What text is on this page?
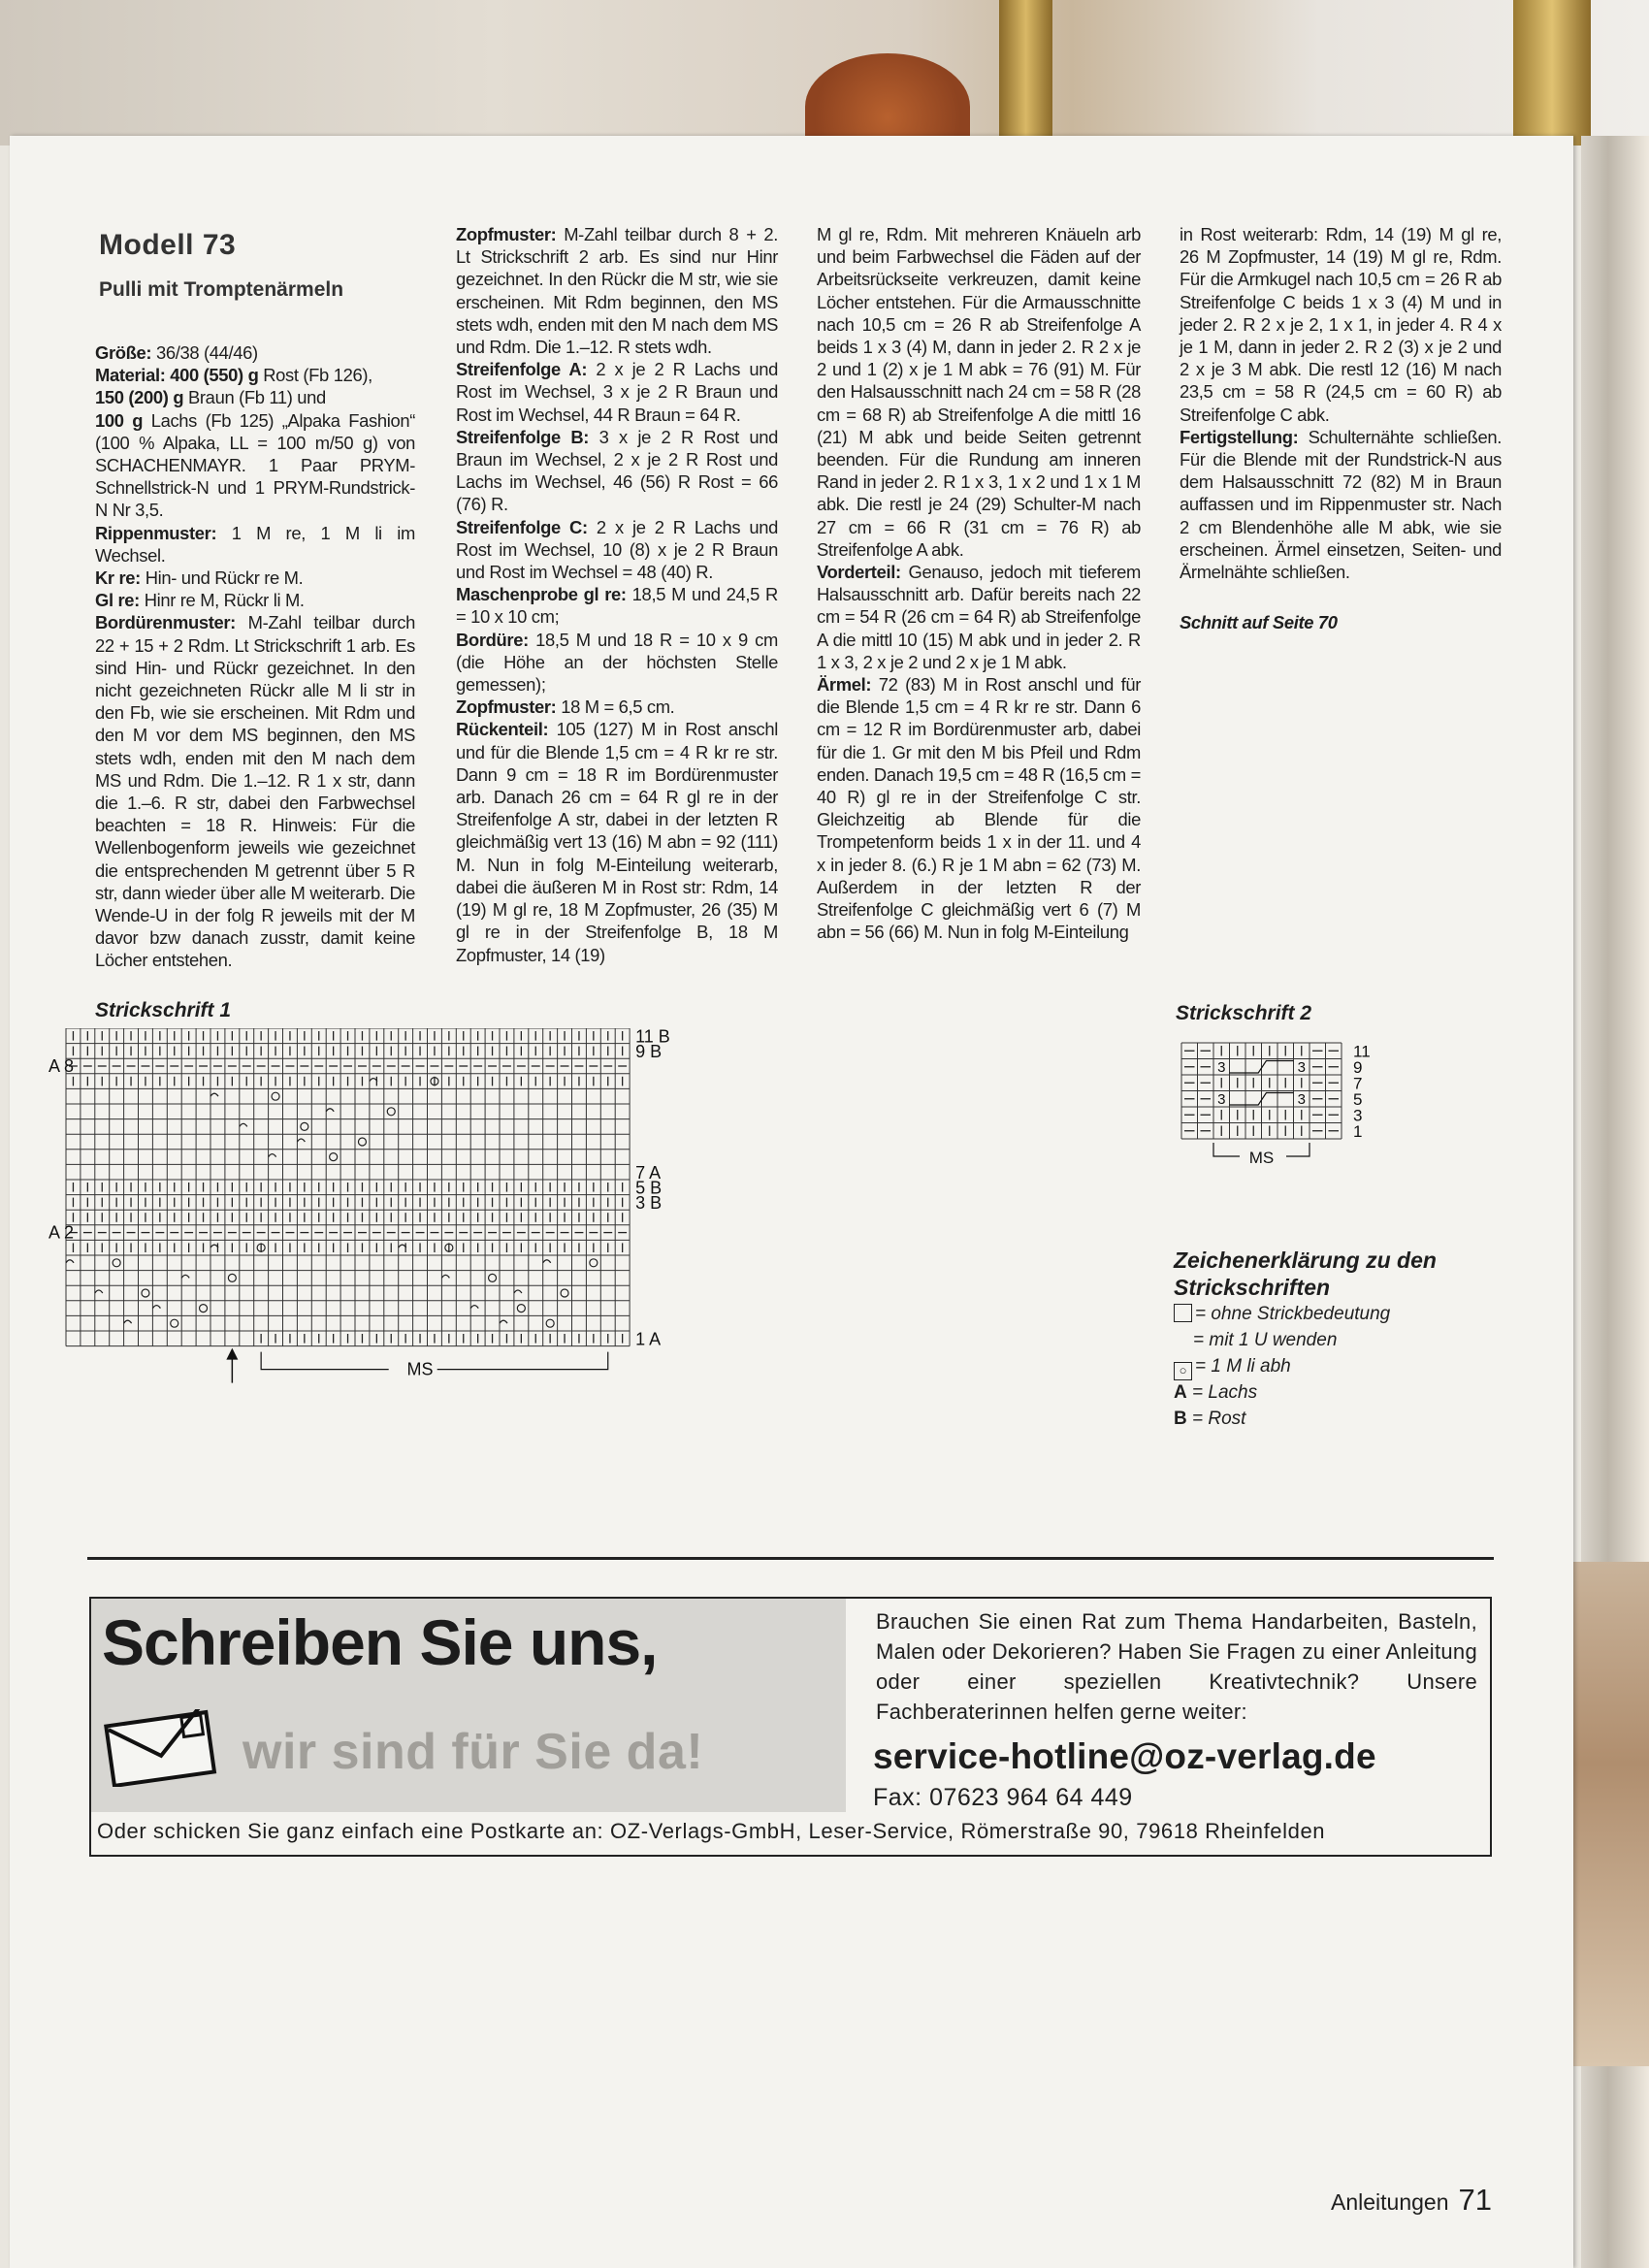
Modell 73
Pulli mit Tromptenärmeln

Größe: 36/38 (44/46)

Material: 400 (550) g Rost (Fb 126),

150 (200) g Braun (Fb 11) und

100 g Lachs (Fb 125) „Alpaka Fashion“ (100 % Alpaka, LL = 100 m/50 g) von SCHACHENMAYR. 1 Paar PRYM-Schnellstrick-N und 1 PRYM-Rundstrick-N Nr 3,5.

Rippenmuster: 1 M re, 1 M li im Wechsel.

Kr re: Hin- und Rückr re M.

Gl re: Hinr re M, Rückr li M.

Bordürenmuster: M-Zahl teilbar durch 22 + 15 + 2 Rdm. Lt Strickschrift 1 arb. Es sind Hin- und Rückr gezeichnet. In den nicht gezeichneten Rückr alle M li str in den Fb, wie sie erscheinen. Mit Rdm und den M vor dem MS beginnen, den MS stets wdh, enden mit den M nach dem MS und Rdm. Die 1.–12. R 1 x str, dann die 1.–6. R str, dabei den Farbwechsel beachten = 18 R. Hinweis: Für die Wellenbogenform jeweils wie gezeichnet die entsprechenden M getrennt über 5 R str, dann wieder über alle M weiterarb. Die Wende-U in der folg R jeweils mit der M davor bzw danach zusstr, damit keine Löcher entstehen.

Zopfmuster: M-Zahl teilbar durch 8 + 2. Lt Strickschrift 2 arb. Es sind nur Hinr gezeichnet. In den Rückr die M str, wie sie erscheinen. Mit Rdm beginnen, den MS stets wdh, enden mit den M nach dem MS und Rdm. Die 1.–12. R stets wdh.

Streifenfolge A: 2 x je 2 R Lachs und Rost im Wechsel, 3 x je 2 R Braun und Rost im Wechsel, 44 R Braun = 64 R.

Streifenfolge B: 3 x je 2 R Rost und Braun im Wechsel, 2 x je 2 R Rost und Lachs im Wechsel, 46 (56) R Rost = 66 (76) R.

Streifenfolge C: 2 x je 2 R Lachs und Rost im Wechsel, 10 (8) x je 2 R Braun und Rost im Wechsel = 48 (40) R.

Maschenprobe gl re: 18,5 M und 24,5 R = 10 x 10 cm;

Bordüre: 18,5 M und 18 R = 10 x 9 cm (die Höhe an der höchsten Stelle gemessen);

Zopfmuster: 18 M = 6,5 cm.

Rückenteil: 105 (127) M in Rost anschl und für die Blende 1,5 cm = 4 R kr re str. Dann 9 cm = 18 R im Bordürenmuster arb. Danach 26 cm = 64 R gl re in der Streifenfolge A str, dabei in der letzten R gleichmäßig vert 13 (16) M abn = 92 (111) M. Nun in folg M-Einteilung weiterarb, dabei die äußeren M in Rost str: Rdm, 14 (19) M gl re, 18 M Zopfmuster, 26 (35) M gl re in der Streifenfolge B, 18 M Zopfmuster, 14 (19)

M gl re, Rdm. Mit mehreren Knäueln arb und beim Farbwechsel die Fäden auf der Arbeitsrückseite verkreuzen, damit keine Löcher entstehen. Für die Armausschnitte nach 10,5 cm = 26 R ab Streifenfolge A beids 1 x 3 (4) M, dann in jeder 2. R 2 x je 2 und 1 (2) x je 1 M abk = 76 (91) M. Für den Halsausschnitt nach 24 cm = 58 R (28 cm = 68 R) ab Streifenfolge A die mittl 16 (21) M abk und beide Seiten getrennt beenden. Für die Rundung am inneren Rand in jeder 2. R 1 x 3, 1 x 2 und 1 x 1 M abk. Die restl je 24 (29) Schulter-M nach 27 cm = 66 R (31 cm = 76 R) ab Streifenfolge A abk.

Vorderteil: Genauso, jedoch mit tieferem Halsausschnitt arb. Dafür bereits nach 22 cm = 54 R (26 cm = 64 R) ab Streifenfolge A die mittl 10 (15) M abk und in jeder 2. R 1 x 3, 2 x je 2 und 2 x je 1 M abk.

Ärmel: 72 (83) M in Rost anschl und für die Blende 1,5 cm = 4 R kr re str. Dann 6 cm = 12 R im Bordürenmuster arb, dabei für die 1. Gr mit den M bis Pfeil und Rdm enden. Danach 19,5 cm = 48 R (16,5 cm = 40 R) gl re in der Streifenfolge C str. Gleichzeitig ab Blende für die Trompetenform beids 1 x in der 11. und 4 x in jeder 8. (6.) R je 1 M abn = 62 (73) M. Außerdem in der letzten R der Streifenfolge C gleichmäßig vert 6 (7) M abn = 56 (66) M. Nun in folg M-Einteilung

in Rost weiterarb: Rdm, 14 (19) M gl re, 26 M Zopfmuster, 14 (19) M gl re, Rdm. Für die Armkugel nach 10,5 cm = 26 R ab Streifenfolge C beids 1 x 3 (4) M und in jeder 2. R 2 x je 2, 1 x 1, in jeder 4. R 4 x je 1 M, dann in jeder 2. R 2 (3) x je 2 und 2 x je 3 M abk. Die restl 12 (16) M nach 23,5 cm = 58 R (24,5 cm = 60 R) ab Streifenfolge C abk.

Fertigstellung: Schulternähte schließen. Für die Blende mit der Rundstrick-N aus dem Halsausschnitt 72 (82) M in Braun auffassen und im Rippenmuster str. Nach 2 cm Blendenhöhe alle M abk, wie sie erscheinen. Ärmel einsetzen, Seiten- und Ärmelnähte schließen.

Schnitt auf Seite 70
Strickschrift 1
MS
A 8
A 2
11 B
9 B
7 A
5 B
3 B
1 A
Strickschrift 2
3	3
3	3
11
9
7
5
3
1
MS
Zeichenerklärung zu den Strickschriften
= ohne Strickbedeutung
= mit 1 U wenden
○ = 1 M li abh
A = Lachs
B = Rost
Schreiben Sie uns,
wir sind für Sie da!
Brauchen Sie einen Rat zum Thema Handarbeiten, Basteln, Malen oder Dekorieren? Haben Sie Fragen zu einer Anleitung oder einer speziellen Kreativtechnik? Unsere Fachberaterinnen helfen gerne weiter:
service-hotline@oz-verlag.de
Fax: 07623 964 64 449
Oder schicken Sie ganz einfach eine Postkarte an: OZ-Verlags-GmbH, Leser-Service, Römerstraße 90, 79618 Rheinfelden
Anleitungen 71
